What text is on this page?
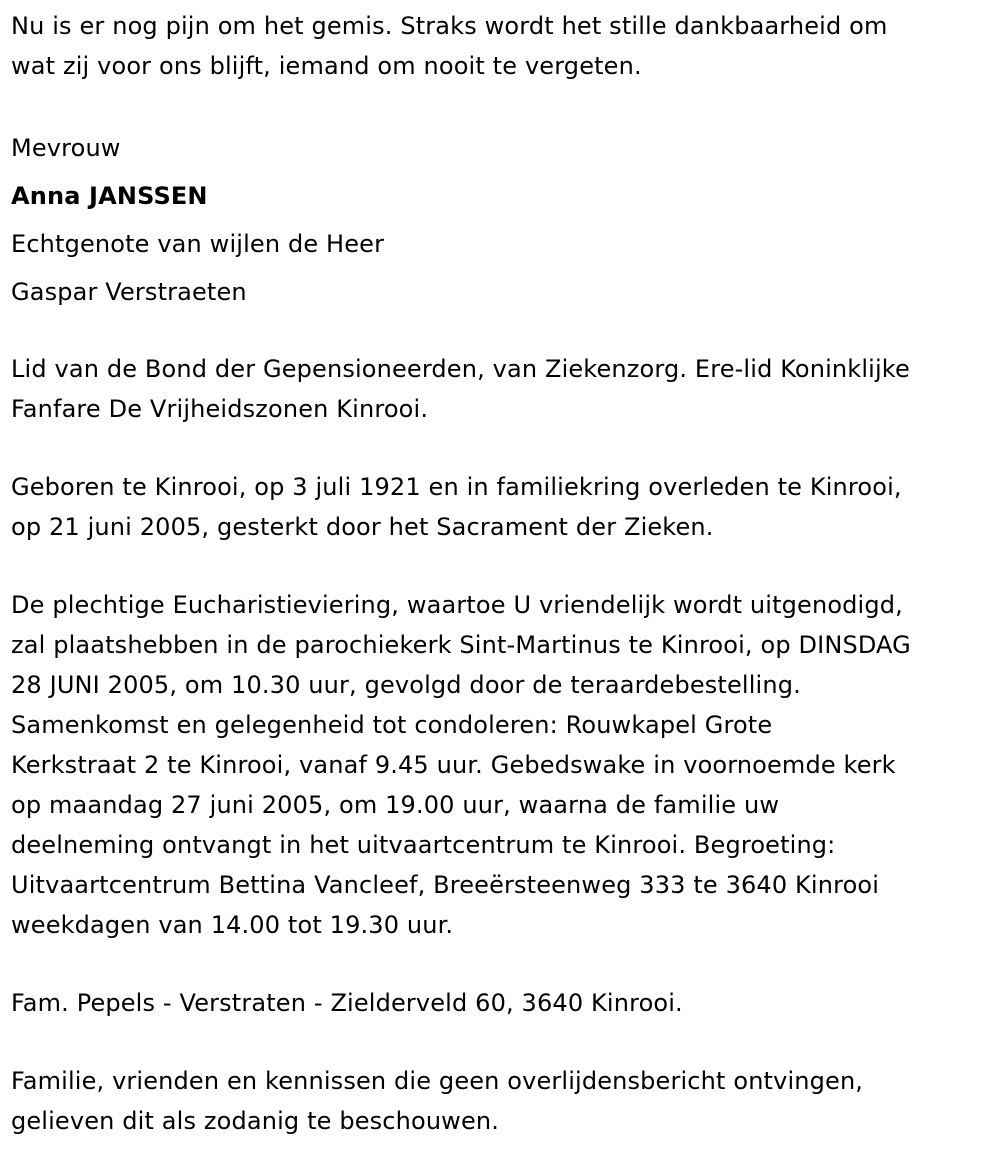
Nu is er nog pijn om het gemis. Straks wordt het stille dankbaarheid om
wat zij voor ons blijft, iemand om nooit te vergeten.

Mevrouw
Anna JANSSEN
Echtgenote van wijlen de Heer
Gaspar Verstraeten

Lid van de Bond der Gepensioneerden, van Ziekenzorg. Ere-lid Koninklijke
Fanfare De Vrijheidszonen Kinrooi.

Geboren te Kinrooi, op 3 juli 1921 en in familiekring overleden te Kinrooi,
op 21 juni 2005, gesterkt door het Sacrament der Zieken.

De plechtige Eucharistieviering, waartoe U vriendelijk wordt uitgenodigd,
zal plaatshebben in de parochiekerk Sint-Martinus te Kinrooi, op DINSDAG
28 JUNI 2005, om 10.30 uur, gevolgd door de teraardebestelling.
Samenkomst en gelegenheid tot condoleren: Rouwkapel Grote
Kerkstraat 2 te Kinrooi, vanaf 9.45 uur. Gebedswake in voornoemde kerk
op maandag 27 juni 2005, om 19.00 uur, waarna de familie uw
deelneming ontvangt in het uitvaartcentrum te Kinrooi. Begroeting:
Uitvaartcentrum Bettina Vancleef, Breeërsteenweg 333 te 3640 Kinrooi
weekdagen van 14.00 tot 19.30 uur.

Fam. Pepels - Verstraten - Zielderveld 60, 3640 Kinrooi.

Familie, vrienden en kennissen die geen overlijdensbericht ontvingen,
gelieven dit als zodanig te beschouwen.
